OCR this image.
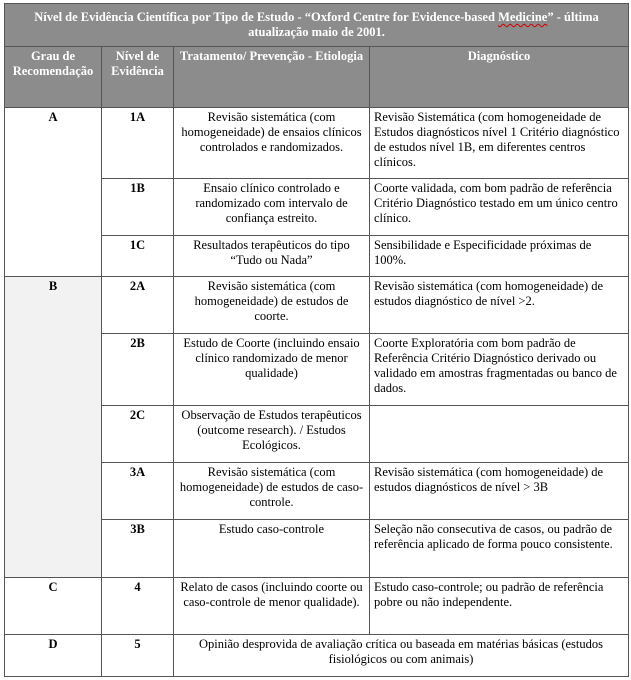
Nível de Evidência Científica por Tipo de Estudo - “Oxford Centre for Evidence-based Medicine” - última atualização maio de 2001.			
Grau de Recomendação	Nível de Evidência	Tratamento/ Prevenção - Etiologia	Diagnóstico
A	1A	Revisão sistemática (com homogeneidade) de ensaios clínicos controlados e randomizados.	Revisão Sistemática (com homogeneidade de Estudos diagnósticos nível 1 Critério diagnóstico de estudos nível 1B, em diferentes centros clínicos.
	1B	Ensaio clínico controlado e randomizado com intervalo de confiança estreito.	Coorte validada, com bom padrão de referência Critério Diagnóstico testado em um único centro clínico.
	1C	Resultados terapêuticos do tipo “Tudo ou Nada”	Sensibilidade e Especificidade próximas de 100%.
B	2A	Revisão sistemática (com homogeneidade) de estudos de coorte.	Revisão sistemática (com homogeneidade) de estudos diagnóstico de nível >2.
	2B	Estudo de Coorte (incluindo ensaio clínico randomizado de menor qualidade)	Coorte Exploratória com bom padrão de Referência Critério Diagnóstico derivado ou validado em amostras fragmentadas ou banco de dados.
	2C	Observação de Estudos terapêuticos (outcome research). / Estudos Ecológicos.	
	3A	Revisão sistemática (com homogeneidade) de estudos de caso-controle.	Revisão sistemática (com homogeneidade) de estudos diagnósticos de nível > 3B
	3B	Estudo caso-controle	Seleção não consecutiva de casos, ou padrão de referência aplicado de forma pouco consistente.
C	4	Relato de casos (incluindo coorte ou caso-controle de menor qualidade).	Estudo caso-controle; ou padrão de referência pobre ou não independente.
D	5	Opinião desprovida de avaliação crítica ou baseada em matérias básicas (estudos fisiológicos ou com animais)	
